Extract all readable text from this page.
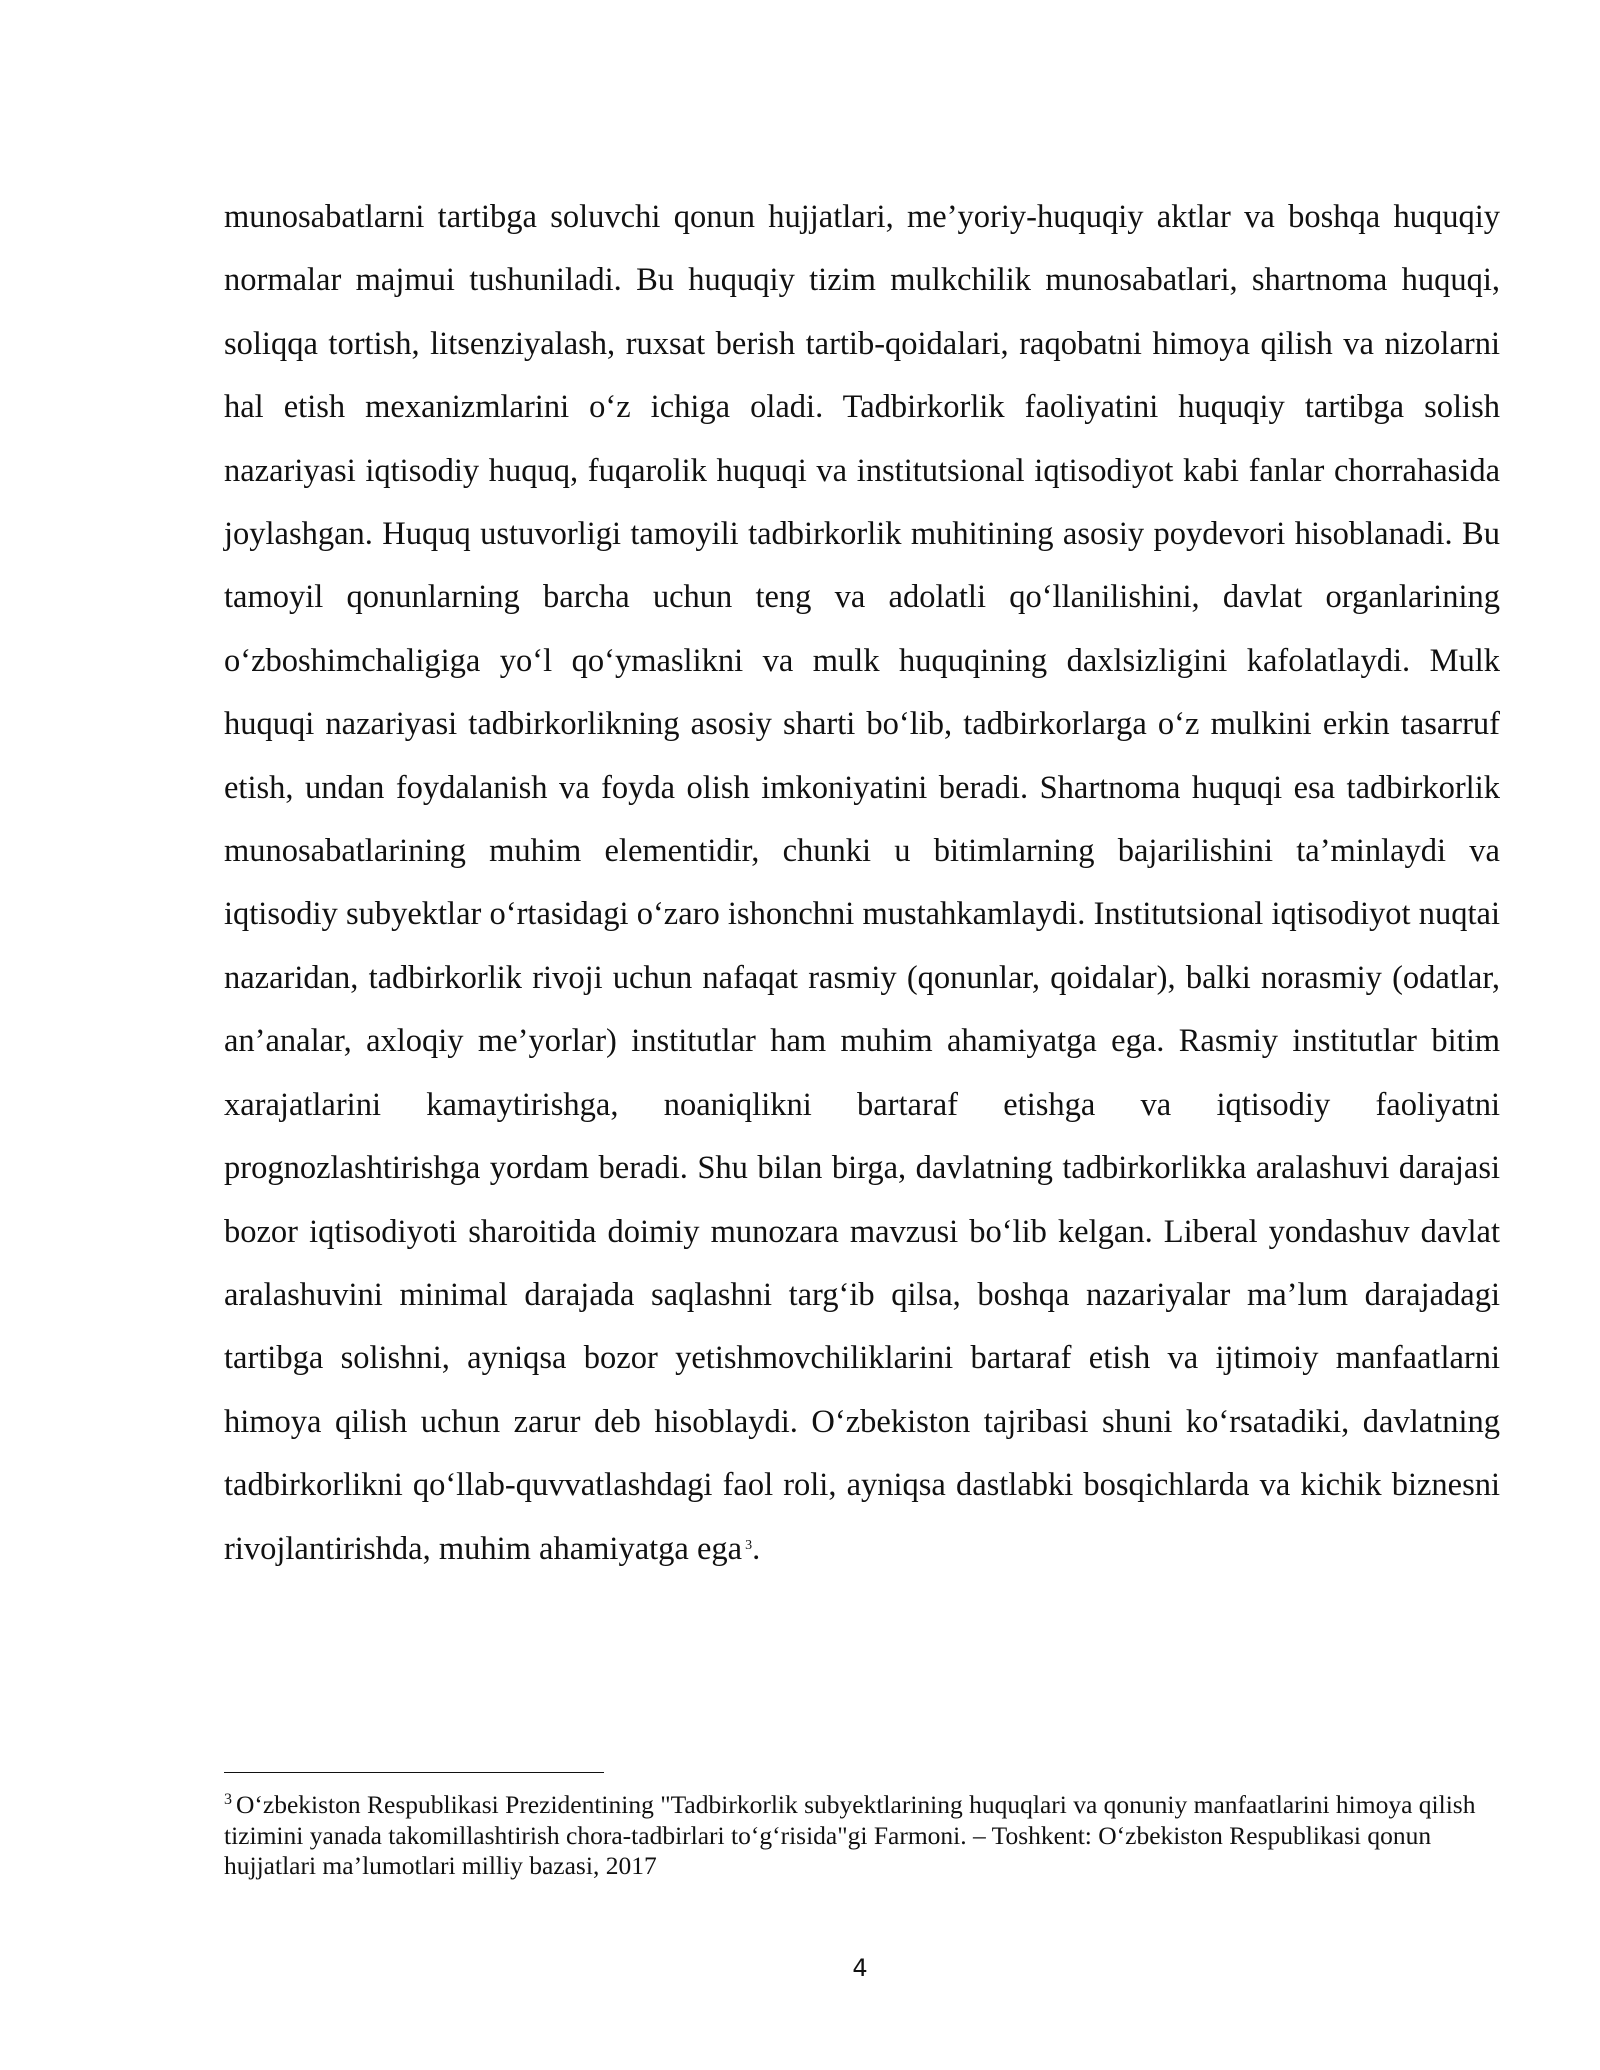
munosabatlarni tartibga soluvchi qonun hujjatlari, me’yoriy-huquqiy aktlar va boshqa huquqiy normalar majmui tushuniladi. Bu huquqiy tizim mulkchilik munosabatlari, shartnoma huquqi, soliqqa tortish, litsenziyalash, ruxsat berish tartib-qoidalari, raqobatni himoya qilish va nizolarni hal etish mexanizmlarini o‘z ichiga oladi. Tadbirkorlik faoliyatini huquqiy tartibga solish nazariyasi iqtisodiy huquq, fuqarolik huquqi va institutsional iqtisodiyot kabi fanlar chorrahasida joylashgan. Huquq ustuvorligi tamoyili tadbirkorlik muhitining asosiy poydevori hisoblanadi. Bu tamoyil qonunlarning barcha uchun teng va adolatli qo‘llanilishini, davlat organlarining o‘zboshimchaligiga yo‘l qo‘ymaslikni va mulk huquqining daxlsizligini kafolatlaydi. Mulk huquqi nazariyasi tadbirkorlikning asosiy sharti bo‘lib, tadbirkorlarga o‘z mulkini erkin tasarruf etish, undan foydalanish va foyda olish imkoniyatini beradi. Shartnoma huquqi esa tadbirkorlik munosabatlarining muhim elementidir, chunki u bitimlarning bajarilishini ta’minlaydi va iqtisodiy subyektlar o‘rtasidagi o‘zaro ishonchni mustahkamlaydi. Institutsional iqtisodiyot nuqtai nazaridan, tadbirkorlik rivoji uchun nafaqat rasmiy (qonunlar, qoidalar), balki norasmiy (odatlar, an’analar, axloqiy me’yorlar) institutlar ham muhim ahamiyatga ega. Rasmiy institutlar bitim xarajatlarini kamaytirishga, noaniqlikni bartaraf etishga va iqtisodiy faoliyatni prognozlashtirishga yordam beradi. Shu bilan birga, davlatning tadbirkorlikka aralashuvi darajasi bozor iqtisodiyoti sharoitida doimiy munozara mavzusi bo‘lib kelgan. Liberal yondashuv davlat aralashuvini minimal darajada saqlashni targ‘ib qilsa, boshqa nazariyalar ma’lum darajadagi tartibga solishni, ayniqsa bozor yetishmovchiliklarini bartaraf etish va ijtimoiy manfaatlarni himoya qilish uchun zarur deb hisoblaydi. O‘zbekiston tajribasi shuni ko‘rsatadiki, davlatning tadbirkorlikni qo‘llab-quvvatlashdagi faol roli, ayniqsa dastlabki bosqichlarda va kichik biznesni rivojlantirishda, muhim ahamiyatga ega $^3$.

$^3$ O‘zbekiston Respublikasi Prezidentining "Tadbirkorlik subyektlarining huquqlari va qonuniy manfaatlarini himoya qilish tizimini yanada takomillashtirish chora-tadbirlari to‘g‘risida"gi Farmoni. – Toshkent: O‘zbekiston Respublikasi qonun hujjatlari ma’lumotlari milliy bazasi, 2017

4
